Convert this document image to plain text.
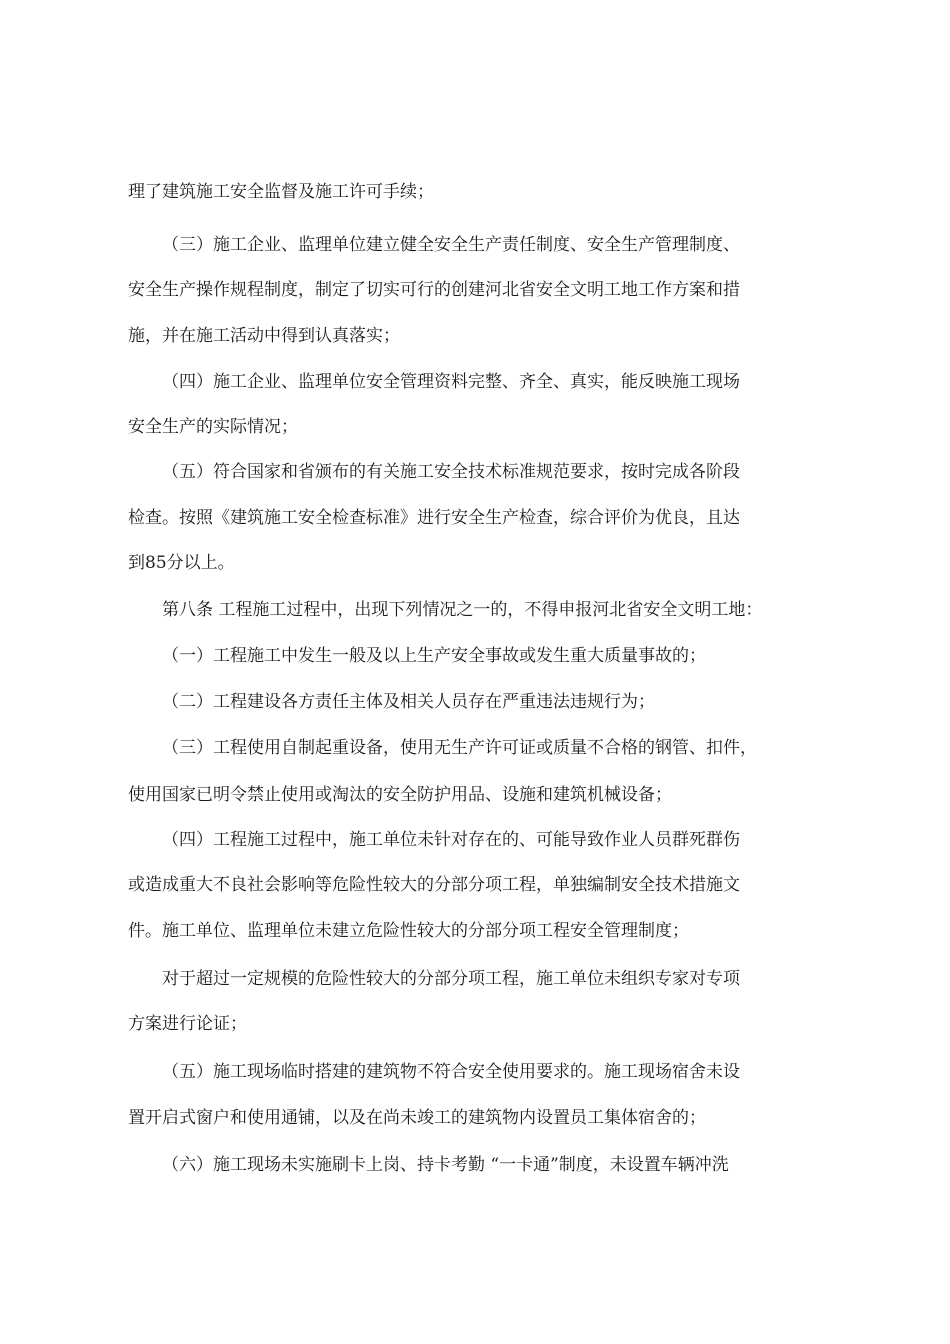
理了建筑施工安全监督及施工许可手续；

（三）施工企业、监理单位建立健全安全生产责任制度、安全生产管理制度、

安全生产操作规程制度，制定了切实可行的创建河北省安全文明工地工作方案和措

施，并在施工活动中得到认真落实；

（四）施工企业、监理单位安全管理资料完整、齐全、真实，能反映施工现场

安全生产的实际情况；

（五）符合国家和省颁布的有关施工安全技术标准规范要求，按时完成各阶段

检查。按照《建筑施工安全检查标准》进行安全生产检查，综合评价为优良，且达

到85分以上。

第八条 工程施工过程中，出现下列情况之一的，不得申报河北省安全文明工地：

（一）工程施工中发生一般及以上生产安全事故或发生重大质量事故的；

（二）工程建设各方责任主体及相关人员存在严重违法违规行为；

（三）工程使用自制起重设备，使用无生产许可证或质量不合格的钢管、扣件，

使用国家已明令禁止使用或淘汰的安全防护用品、设施和建筑机械设备；

（四）工程施工过程中，施工单位未针对存在的、可能导致作业人员群死群伤

或造成重大不良社会影响等危险性较大的分部分项工程，单独编制安全技术措施文

件。施工单位、监理单位未建立危险性较大的分部分项工程安全管理制度；

对于超过一定规模的危险性较大的分部分项工程，施工单位未组织专家对专项

方案进行论证；

（五）施工现场临时搭建的建筑物不符合安全使用要求的。施工现场宿舍未设

置开启式窗户和使用通铺，以及在尚未竣工的建筑物内设置员工集体宿舍的；

（六）施工现场未实施刷卡上岗、持卡考勤 “一卡通”制度，未设置车辆冲洗
